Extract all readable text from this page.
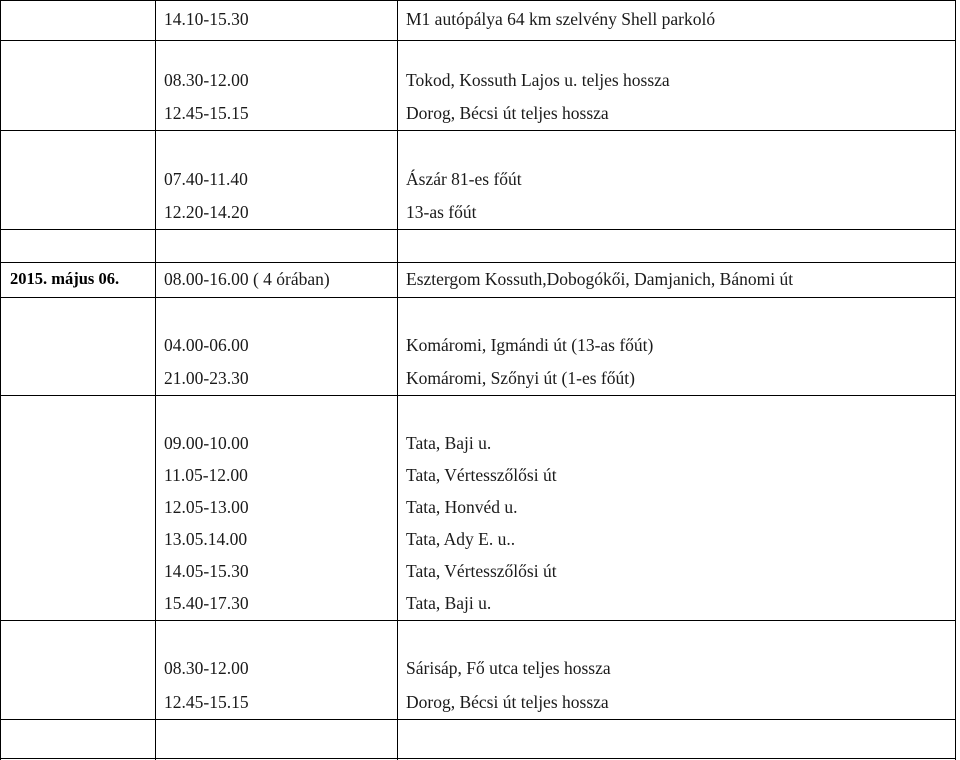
14.10-15.30	M1 autópálya 64 km szelvény Shell parkoló
08.30-12.00	Tokod, Kossuth Lajos u. teljes hossza
12.45-15.15	Dorog, Bécsi út teljes hossza
07.40-11.40	Ászár 81-es főút
12.20-14.20	13-as főút
2015. május 06.	08.00-16.00 ( 4 órában)	Esztergom Kossuth,Dobogókői, Damjanich, Bánomi út
04.00-06.00	Komáromi, Igmándi út (13-as főút)
21.00-23.30	Komáromi, Szőnyi út (1-es főút)
09.00-10.00	Tata, Baji u.
11.05-12.00	Tata, Vértesszőlősi út
12.05-13.00	Tata, Honvéd u.
13.05.14.00	Tata, Ady E. u..
14.05-15.30	Tata, Vértesszőlősi út
15.40-17.30	Tata, Baji u.
08.30-12.00	Sárisáp, Fő utca teljes hossza
12.45-15.15	Dorog, Bécsi út teljes hossza
